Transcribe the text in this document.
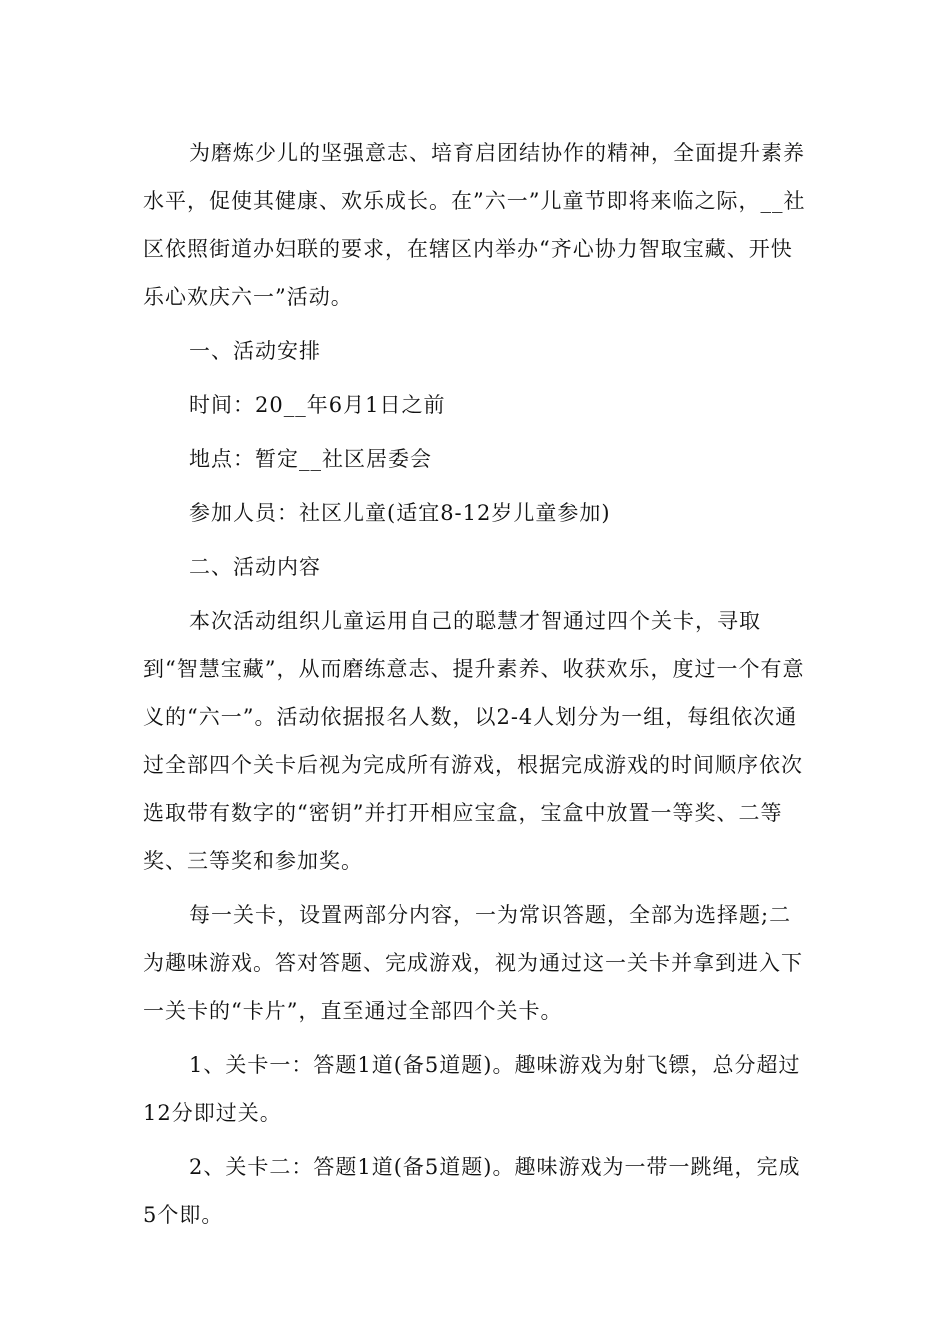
为磨炼少儿的坚强意志、培育启团结协作的精神，全面提升素养水平，促使其健康、欢乐成长。在”六一”儿童节即将来临之际，__社区依照街道办妇联的要求，在辖区内举办“齐心协力智取宝藏、开快乐心欢庆六一”活动。

一、活动安排

时间：20__年6月1日之前

地点：暂定__社区居委会

参加人员：社区儿童(适宜8-12岁儿童参加)

二、活动内容

本次活动组织儿童运用自己的聪慧才智通过四个关卡，寻取到“智慧宝藏”，从而磨练意志、提升素养、收获欢乐，度过一个有意义的“六一”。活动依据报名人数，以2-4人划分为一组，每组依次通过全部四个关卡后视为完成所有游戏，根据完成游戏的时间顺序依次选取带有数字的“密钥”并打开相应宝盒，宝盒中放置一等奖、二等奖、三等奖和参加奖。

每一关卡，设置两部分内容，一为常识答题，全部为选择题;二为趣味游戏。答对答题、完成游戏，视为通过这一关卡并拿到进入下一关卡的“卡片”，直至通过全部四个关卡。

1、关卡一：答题1道(备5道题)。趣味游戏为射飞镖，总分超过12分即过关。

2、关卡二：答题1道(备5道题)。趣味游戏为一带一跳绳，完成5个即。
